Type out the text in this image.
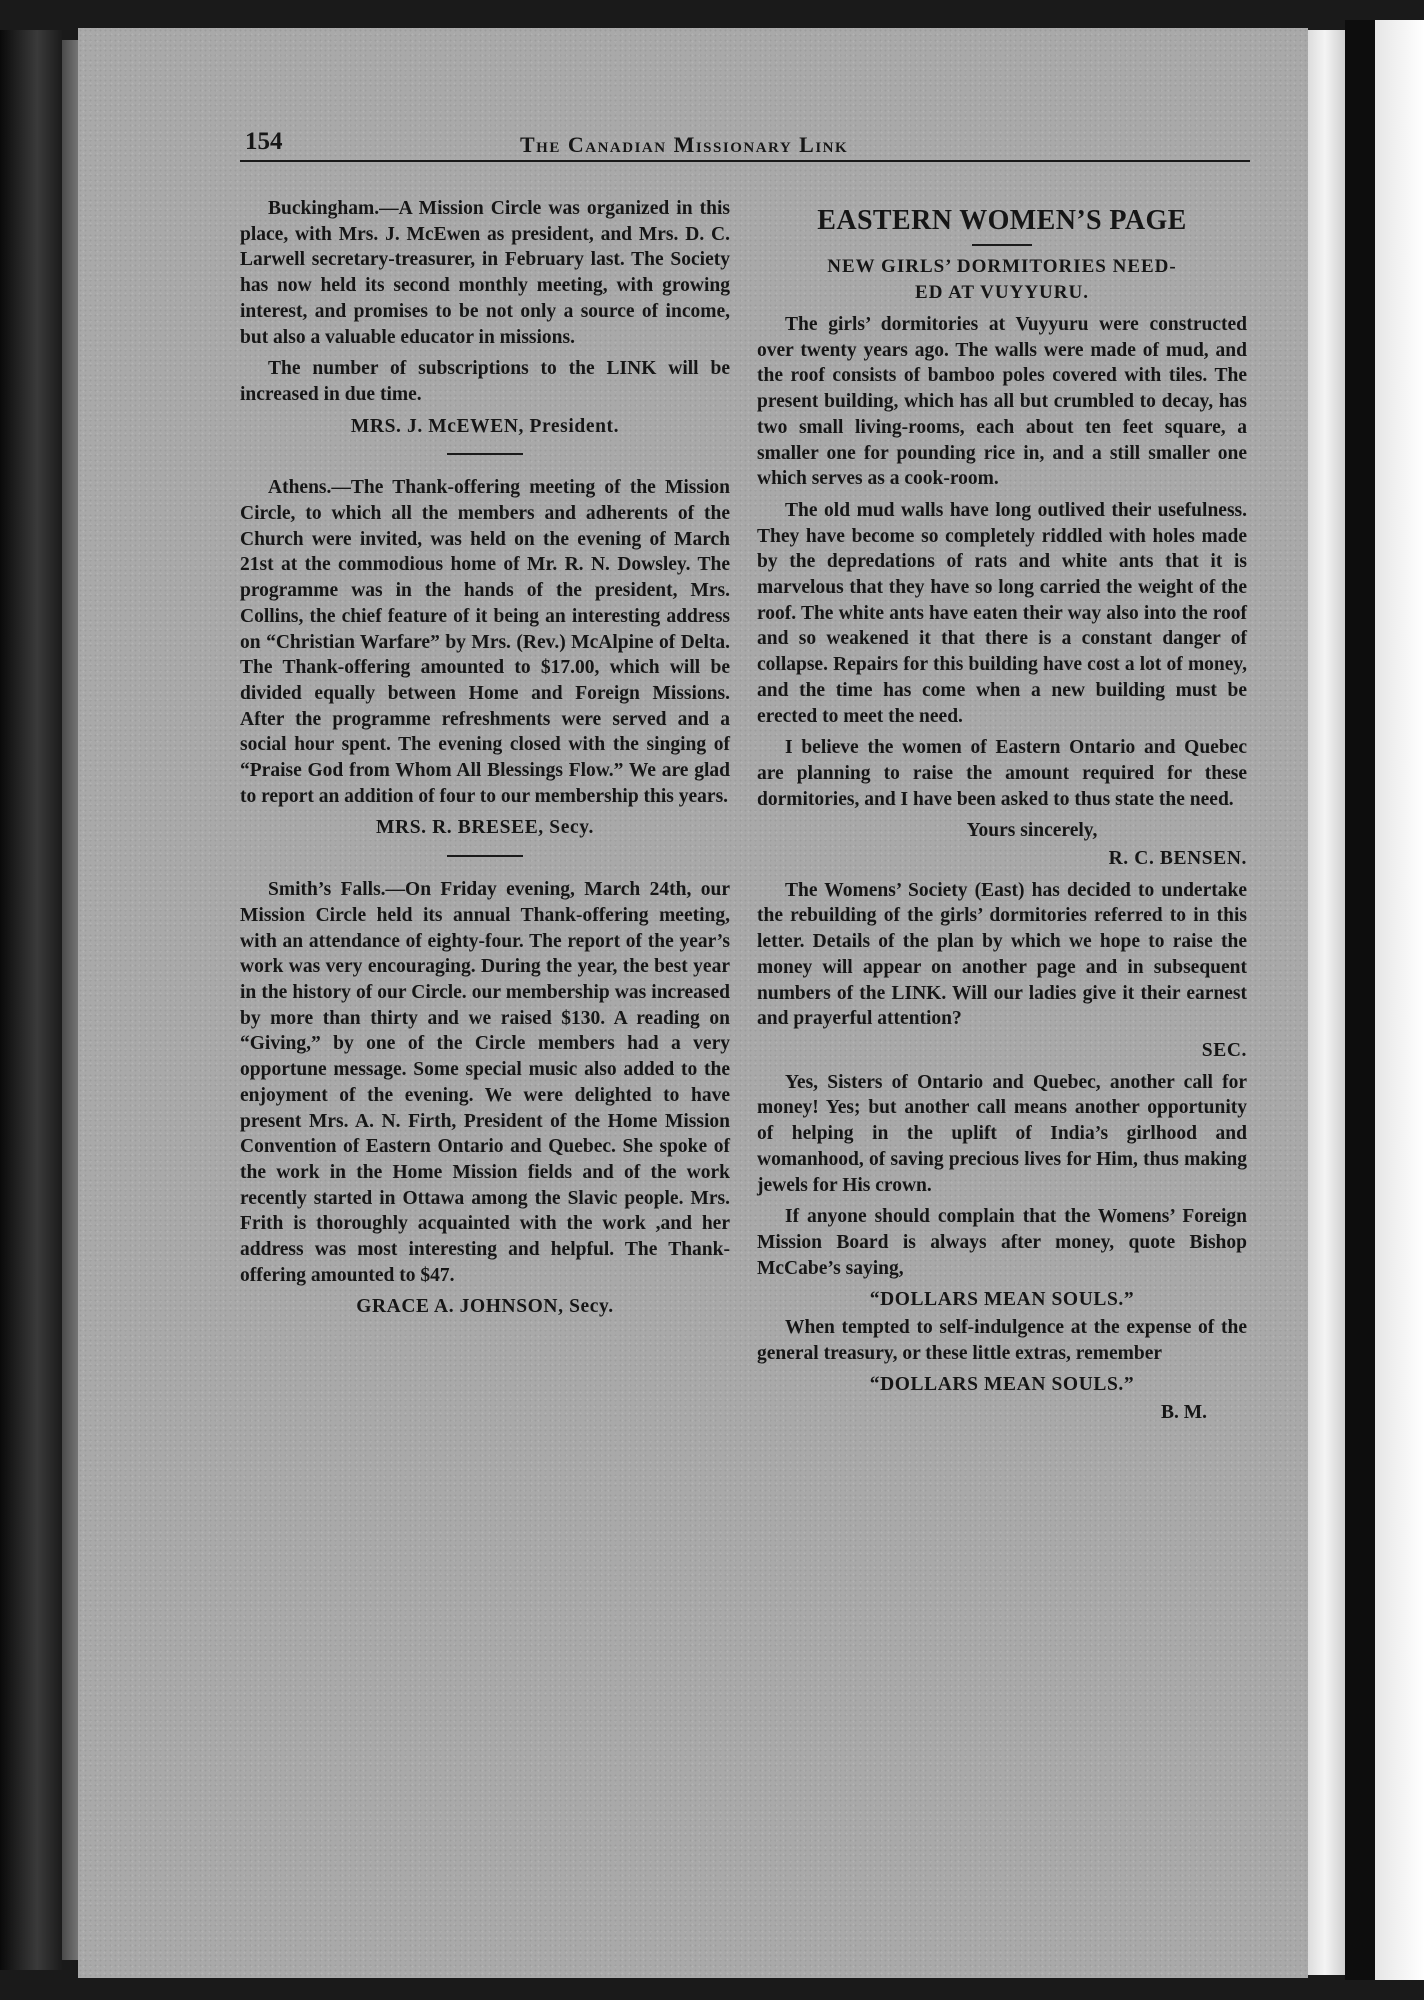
154	The Canadian Missionary Link

Buckingham.—A Mission Circle was organized in this place, with Mrs. J. McEwen as president, and Mrs. D. C. Larwell secretary-treasurer, in February last. The Society has now held its second monthly meeting, with growing interest, and promises to be not only a source of income, but also a valuable educator in missions.

The number of subscriptions to the LINK will be increased in due time.

MRS. J. McEWEN, President.

Athens.—The Thank-offering meeting of the Mission Circle, to which all the members and adherents of the Church were invited, was held on the evening of March 21st at the commodious home of Mr. R. N. Dowsley. The programme was in the hands of the president, Mrs. Collins, the chief feature of it being an interesting address on “Christian Warfare” by Mrs. (Rev.) McAlpine of Delta. The Thank-offering amounted to $17.00, which will be divided equally between Home and Foreign Missions. After the programme refreshments were served and a social hour spent. The evening closed with the singing of “Praise God from Whom All Blessings Flow.” We are glad to report an addition of four to our membership this years.

MRS. R. BRESEE, Secy.

Smith’s Falls.—On Friday evening, March 24th, our Mission Circle held its annual Thank-offering meeting, with an attendance of eighty-four. The report of the year’s work was very encouraging. During the year, the best year in the history of our Circle. our membership was increased by more than thirty and we raised $130. A reading on “Giving,” by one of the Circle members had a very opportune message. Some special music also added to the enjoyment of the evening. We were delighted to have present Mrs. A. N. Firth, President of the Home Mission Convention of Eastern Ontario and Quebec. She spoke of the work in the Home Mission fields and of the work recently started in Ottawa among the Slavic people. Mrs. Frith is thoroughly acquainted with the work ,and her address was most interesting and helpful. The Thank-offering amounted to $47.

GRACE A. JOHNSON, Secy.
EASTERN WOMEN’S PAGE
NEW GIRLS’ DORMITORIES NEED-
ED AT VUYYURU.

The girls’ dormitories at Vuyyuru were constructed over twenty years ago. The walls were made of mud, and the roof consists of bamboo poles covered with tiles. The present building, which has all but crumbled to decay, has two small living-rooms, each about ten feet square, a smaller one for pounding rice in, and a still smaller one which serves as a cook-room.

The old mud walls have long outlived their usefulness. They have become so completely riddled with holes made by the depredations of rats and white ants that it is marvelous that they have so long carried the weight of the roof. The white ants have eaten their way also into the roof and so weakened it that there is a constant danger of collapse. Repairs for this building have cost a lot of money, and the time has come when a new building must be erected to meet the need.

I believe the women of Eastern Ontario and Quebec are planning to raise the amount required for these dormitories, and I have been asked to thus state the need.

Yours sincerely,
R. C. BENSEN.

The Womens’ Society (East) has decided to undertake the rebuilding of the girls’ dormitories referred to in this letter. Details of the plan by which we hope to raise the money will appear on another page and in subsequent numbers of the LINK. Will our ladies give it their earnest and prayerful attention?

SEC.

Yes, Sisters of Ontario and Quebec, another call for money! Yes; but another call means another opportunity of helping in the uplift of India’s girlhood and womanhood, of saving precious lives for Him, thus making jewels for His crown.

If anyone should complain that the Womens’ Foreign Mission Board is always after money, quote Bishop McCabe’s saying,

“DOLLARS MEAN SOULS.”

When tempted to self-indulgence at the expense of the general treasury, or these little extras, remember

“DOLLARS MEAN SOULS.”
B. M.
